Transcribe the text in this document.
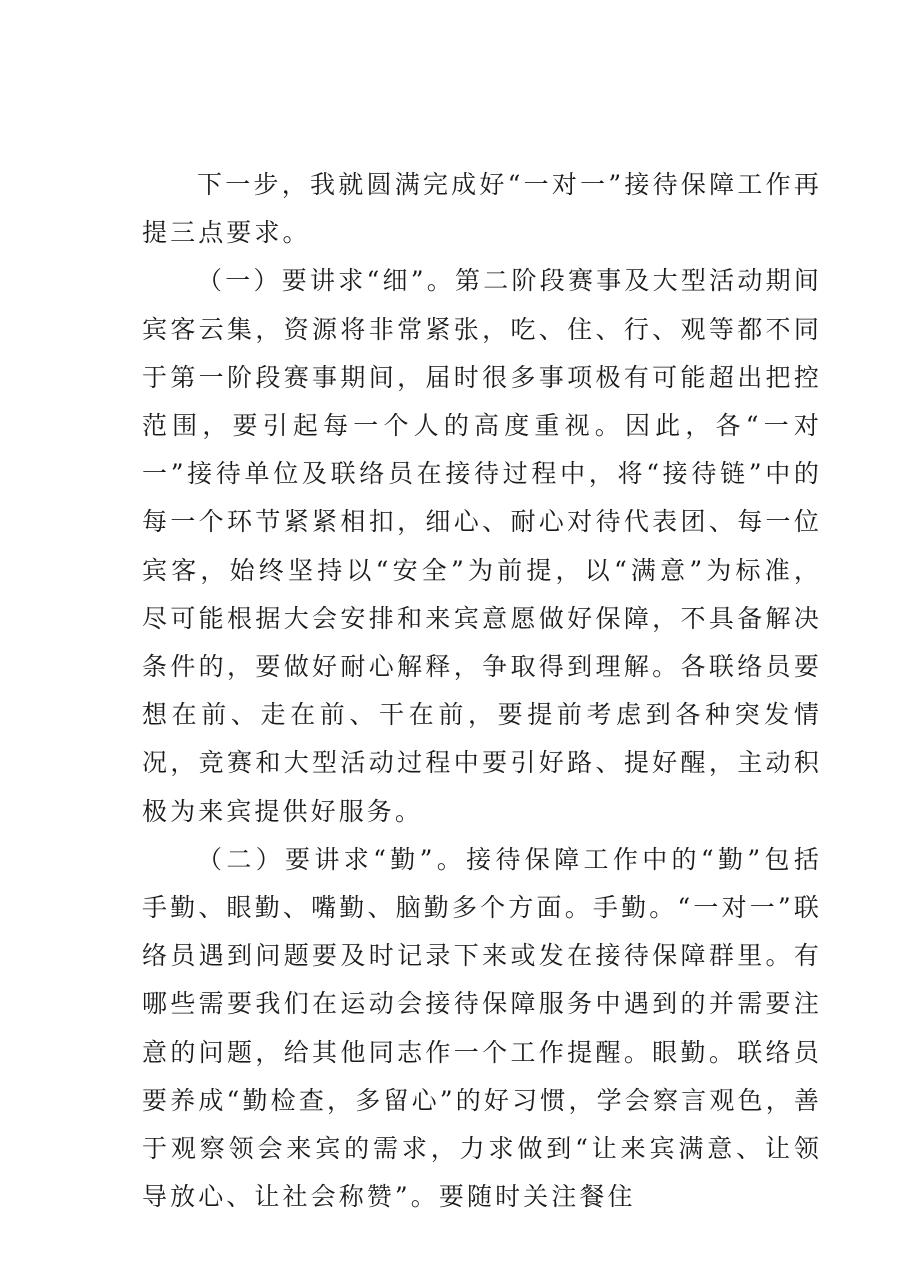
下一步，我就圆满完成好“一对一”接待保障工作再提三点要求。

（一）要讲求“细”。第二阶段赛事及大型活动期间宾客云集，资源将非常紧张，吃、住、行、观等都不同于第一阶段赛事期间，届时很多事项极有可能超出把控范围，要引起每一个人的高度重视。因此，各“一对一”接待单位及联络员在接待过程中，将“接待链”中的每一个环节紧紧相扣，细心、耐心对待代表团、每一位宾客，始终坚持以“安全”为前提，以“满意”为标准，尽可能根据大会安排和来宾意愿做好保障，不具备解决条件的，要做好耐心解释，争取得到理解。各联络员要想在前、走在前、干在前，要提前考虑到各种突发情况，竞赛和大型活动过程中要引好路、提好醒，主动积极为来宾提供好服务。

（二）要讲求“勤”。接待保障工作中的“勤”包括手勤、眼勤、嘴勤、脑勤多个方面。手勤。“一对一”联络员遇到问题要及时记录下来或发在接待保障群里。有哪些需要我们在运动会接待保障服务中遇到的并需要注意的问题，给其他同志作一个工作提醒。眼勤。联络员要养成“勤检查，多留心”的好习惯，学会察言观色，善于观察领会来宾的需求，力求做到“让来宾满意、让领导放心、让社会称赞”。要随时关注餐住
